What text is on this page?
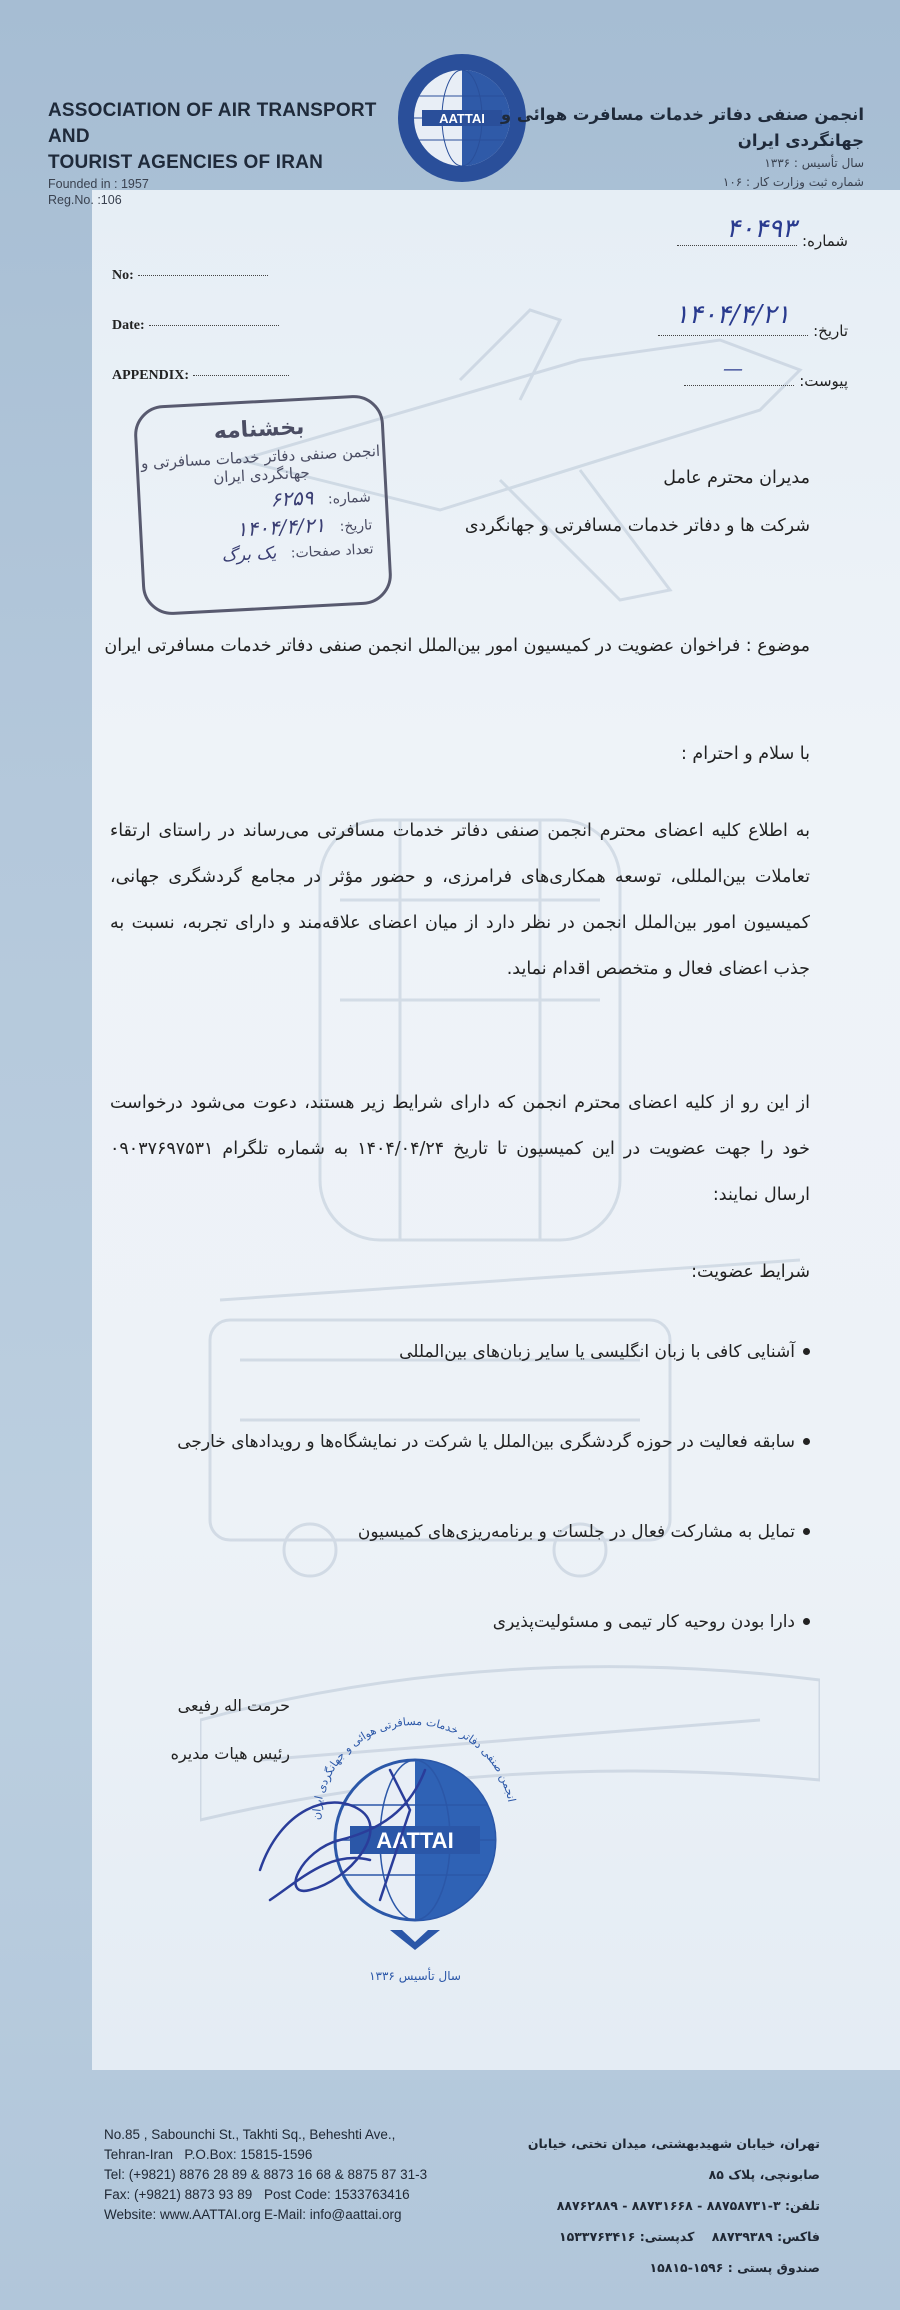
ASSOCIATION OF AIR TRANSPORT AND
TOURIST AGENCIES OF IRAN
Founded in : 1957
Reg.No. :106
AATTAI انجمن صنفی دفاتر خدمات مسافرت هوائی و جهانگردی ایران
سال تأسیس : ۱۳۳۶
شماره ثبت وزارت کار : ۱۰۶
No:
Date:
APPENDIX:
شماره:
۴۰۴۹۳
تاریخ:
۱۴۰۴/۴/۲۱
پیوست:
—
بخشنامه
انجمن صنفی دفاتر خدمات مسافرتی و جهانگردی ایران
شماره: ۶۲۵۹
تاریخ: ۱۴۰۴/۴/۲۱
تعداد صفحات: یک برگ
مدیران محترم عامل
شرکت ها و دفاتر خدمات مسافرتی و جهانگردی
موضوع : فراخوان عضویت در کمیسیون امور بین‌الملل انجمن صنفی دفاتر خدمات مسافرتی ایران
با سلام و احترام :
به اطلاع کلیه اعضای محترم انجمن صنفی دفاتر خدمات مسافرتی می‌رساند در راستای ارتقاء تعاملات بین‌المللی، توسعه همکاری‌های فرامرزی، و حضور مؤثر در مجامع گردشگری جهانی، کمیسیون امور بین‌الملل انجمن در نظر دارد از میان اعضای علاقه‌مند و دارای تجربه، نسبت به جذب اعضای فعال و متخصص اقدام نماید.
از این رو از کلیه اعضای محترم انجمن که دارای شرایط زیر هستند، دعوت می‌شود درخواست خود را جهت عضویت در این کمیسیون تا تاریخ ۱۴۰۴/۰۴/۲۴ به شماره تلگرام ۰۹۰۳۷۶۹۷۵۳۱ ارسال نمایند:
شرایط عضویت:
آشنایی کافی با زبان انگلیسی یا سایر زبان‌های بین‌المللی
سابقه فعالیت در حوزه گردشگری بین‌الملل یا شرکت در نمایشگاه‌ها و رویدادهای خارجی
تمایل به مشارکت فعال در جلسات و برنامه‌ریزی‌های کمیسیون
دارا بودن روحیه کار تیمی و مسئولیت‌پذیری
حرمت اله رفیعی
رئیس هیات مدیره
انجمن صنفی دفاتر خدمات مسافرتی هوائی و جهانگردی ایران
AATTAI
سال تأسیس ۱۳۳۶
No.85 , Sabounchi St., Takhti Sq., Beheshti Ave.,
Tehran-Iran P.O.Box: 15815-1596
Tel: (+9821) 8876 28 89 & 8873 16 68 & 8875 87 31-3
Fax: (+9821) 8873 93 89 Post Code: 1533763416
Website: www.AATTAI.org E-Mail: info@aattai.org
تهران، خیابان شهیدبهشتی، میدان تختی، خیابان صابونچی، پلاک ۸۵
تلفن: ۳-۸۸۷۵۸۷۳۱ - ۸۸۷۳۱۶۶۸ - ۸۸۷۶۲۸۸۹
فاکس: ۸۸۷۳۹۳۸۹    کدپستی: ۱۵۳۳۷۶۳۴۱۶
صندوق پستی : ۱۵۹۶-۱۵۸۱۵
